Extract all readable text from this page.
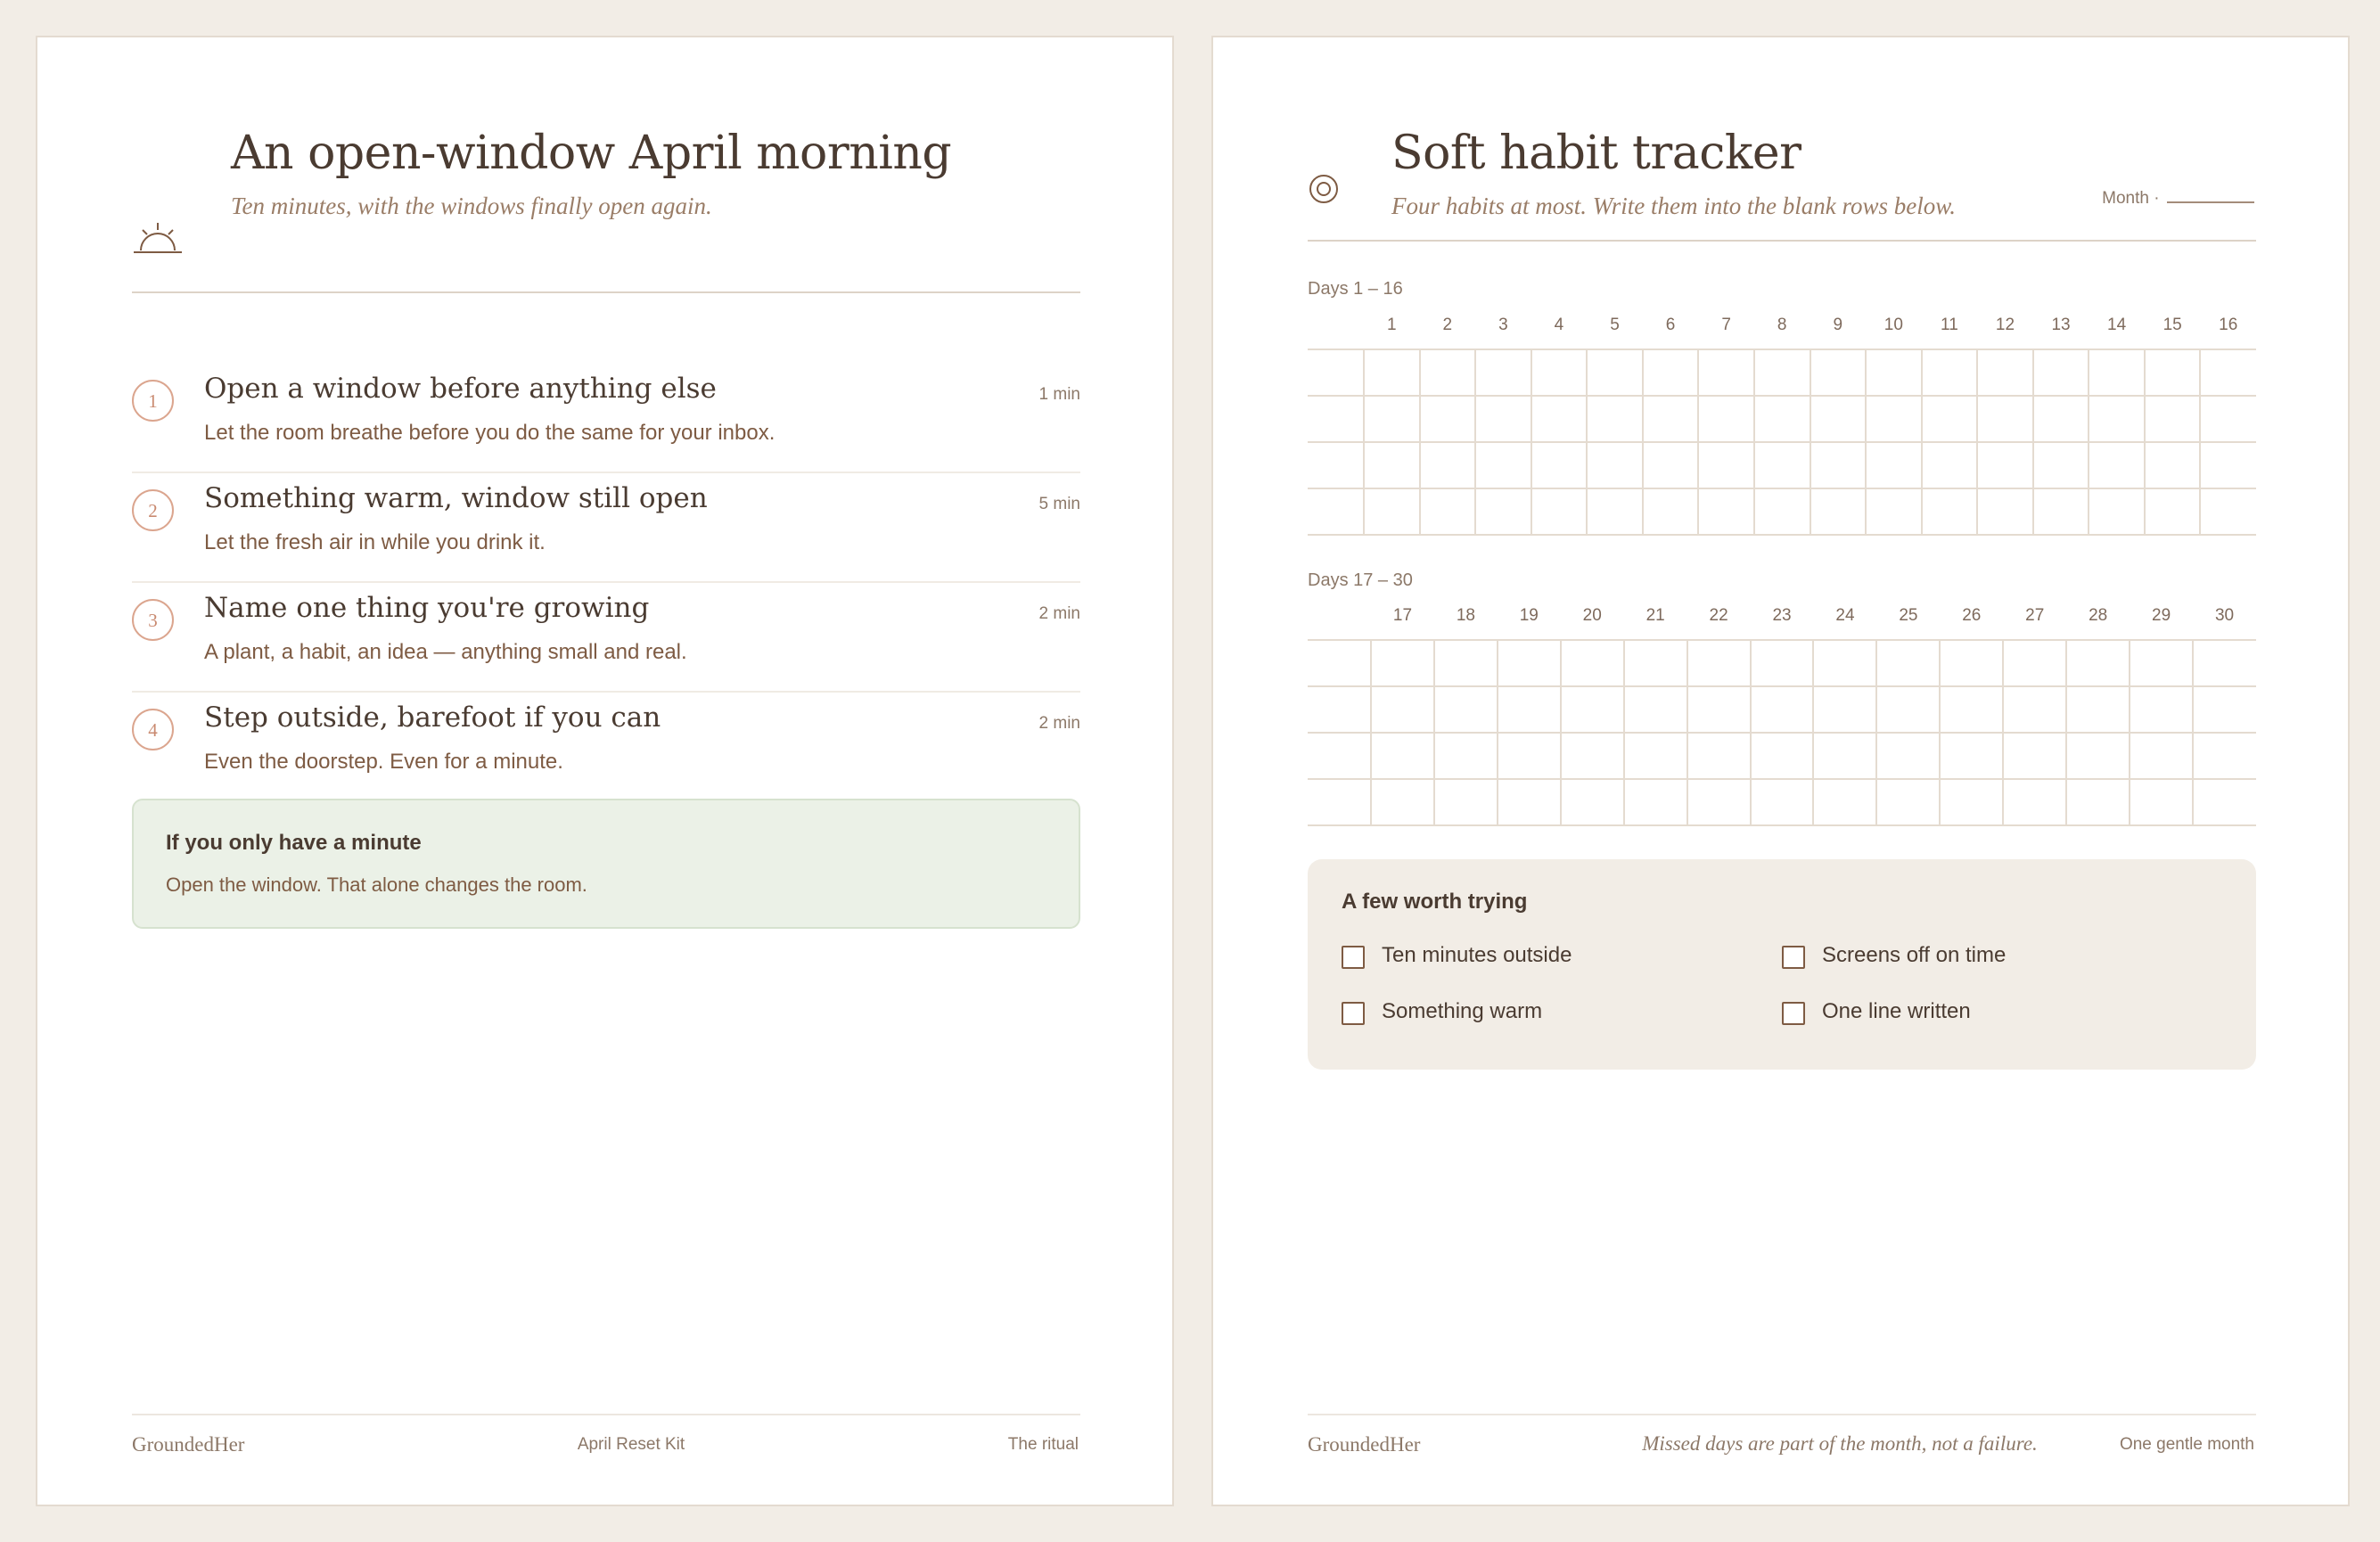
An open-window April morning
Ten minutes, with the windows finally open again.
1	Open a window before anything else
Let the room breathe before you do the same for your inbox.
1 min
2	Something warm, window still open
Let the fresh air in while you drink it.
5 min
3	Name one thing you're growing
A plant, a habit, an idea — anything small and real.
2 min
4	Step outside, barefoot if you can
Even the doorstep. Even for a minute.
2 min
If you only have a minute
Open the window. That alone changes the room.
GroundedHer	April Reset Kit	The ritual
Soft habit tracker
Four habits at most. Write them into the blank rows below.	Month ·
Days 1 – 16
1	2	3	4	5	6	7	8	9	10	11	12	13	14	15	16

Days 17 – 30
17	18	19	20	21	22	23	24	25	26	27	28	29	30

A few worth trying
Ten minutes outside	Screens off on time
Something warm	One line written
GroundedHer	Missed days are part of the month, not a failure.	One gentle month
